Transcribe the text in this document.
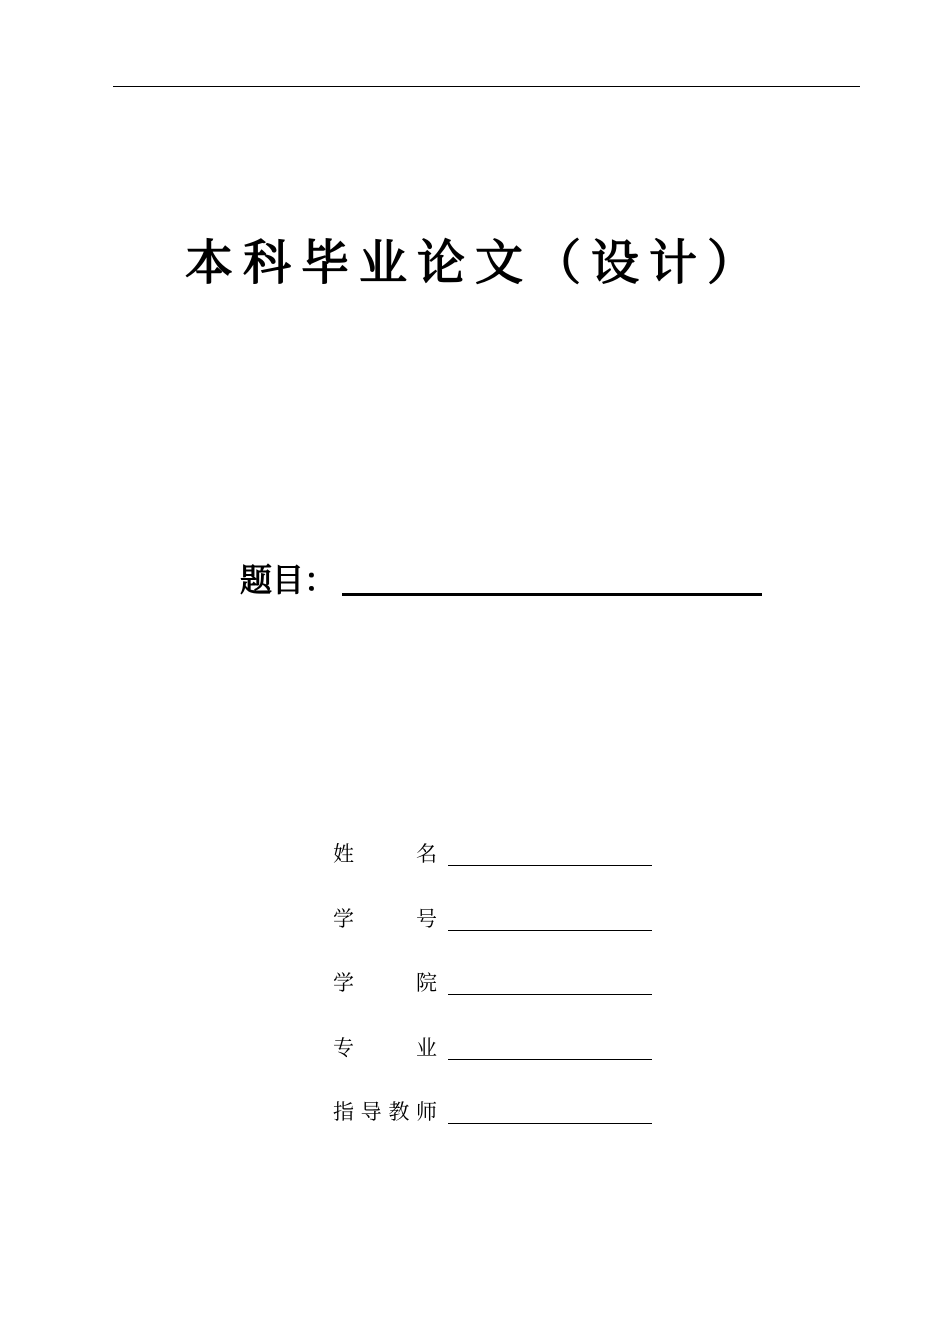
本科毕业论文（设计）
题目：
姓	名
学	号
学	院
专	业
指 导 教 师
